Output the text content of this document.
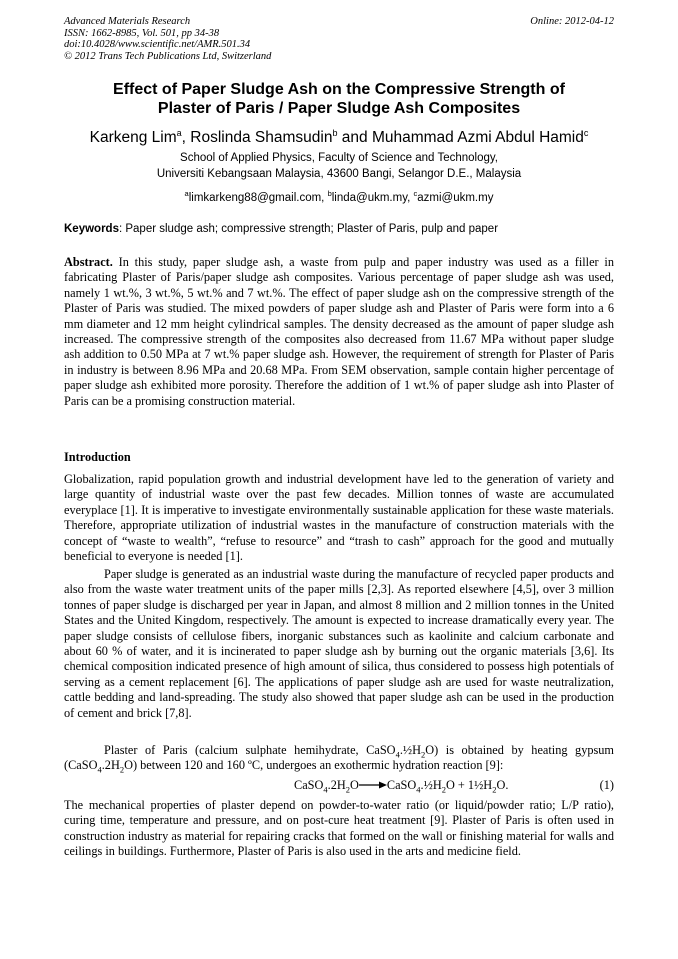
Advanced Materials Research
ISSN: 1662-8985, Vol. 501, pp 34-38
doi:10.4028/www.scientific.net/AMR.501.34
© 2012 Trans Tech Publications Ltd, Switzerland
Online: 2012-04-12
Effect of Paper Sludge Ash on the Compressive Strength of
Plaster of Paris / Paper Sludge Ash Composites
Karkeng Lim$^a$, Roslinda Shamsudin$^b$ and Muhammad Azmi Abdul Hamid$^c$
School of Applied Physics, Faculty of Science and Technology,
Universiti Kebangsaan Malaysia, 43600 Bangi, Selangor D.E., Malaysia
$^a$limkarkeng88@gmail.com, $^b$linda@ukm.my, $^c$azmi@ukm.my
Keywords: Paper sludge ash; compressive strength; Plaster of Paris, pulp and paper
Abstract. In this study, paper sludge ash, a waste from pulp and paper industry was used as a filler in fabricating Plaster of Paris/paper sludge ash composites. Various percentage of paper sludge ash was used, namely 1 wt.%, 3 wt.%, 5 wt.% and 7 wt.%. The effect of paper sludge ash on the compressive strength of the Plaster of Paris was studied. The mixed powders of paper sludge ash and Plaster of Paris were form into a 6 mm diameter and 12 mm height cylindrical samples. The density decreased as the amount of paper sludge ash increased. The compressive strength of the composites also decreased from 11.67 MPa without paper sludge ash addition to 0.50 MPa at 7 wt.% paper sludge ash. However, the requirement of strength for Plaster of Paris in industry is between 8.96 MPa and 20.68 MPa. From SEM observation, sample contain higher percentage of paper sludge ash exhibited more porosity. Therefore the addition of 1 wt.% of paper sludge ash into Plaster of Paris can be a promising construction material.
Introduction
Globalization, rapid population growth and industrial development have led to the generation of variety and large quantity of industrial waste over the past few decades. Million tonnes of waste are accumulated everyplace [1]. It is imperative to investigate environmentally sustainable application for these waste materials. Therefore, appropriate utilization of industrial wastes in the manufacture of construction materials with the concept of “waste to wealth”, “refuse to resource” and “trash to cash” approach for the good and mutually beneficial to everyone is needed [1].
Paper sludge is generated as an industrial waste during the manufacture of recycled paper products and also from the waste water treatment units of the paper mills [2,3]. As reported elsewhere [4,5], over 3 million tonnes of paper sludge is discharged per year in Japan, and almost 8 million and 2 million tonnes in the United States and the United Kingdom, respectively. The amount is expected to increase dramatically every year. The paper sludge consists of cellulose fibers, inorganic substances such as kaolinite and calcium carbonate and about 60 % of water, and it is incinerated to paper sludge ash by burning out the organic materials [3,6]. Its chemical composition indicated presence of high amount of silica, thus considered to possess high potentials of serving as a cement replacement [6]. The applications of paper sludge ash are used for waste neutralization, cattle bedding and land-spreading. The study also showed that paper sludge ash can be used in the production of cement and brick [7,8].
Plaster of Paris (calcium sulphate hemihydrate, $CaSO_4.\frac{1}{2}H_2O$) is obtained by heating gypsum $(CaSO_4.2H_2O)$ between 120 and 160 ºC, undergoes an exothermic hydration reaction [9]:
$CaSO_4.2H_2O\to CaSO_4.\frac{1}{2}H_2O$ + $1\frac{1}{2}H_2O$.	(1)
The mechanical properties of plaster depend on powder-to-water ratio (or liquid/powder ratio; L/P ratio), curing time, temperature and pressure, and on post-cure heat treatment [9]. Plaster of Paris is often used in construction industry as material for repairing cracks that formed on the wall or finishing material for walls and ceilings in buildings. Furthermore, Plaster of Paris is also used in the arts and medicine field.
